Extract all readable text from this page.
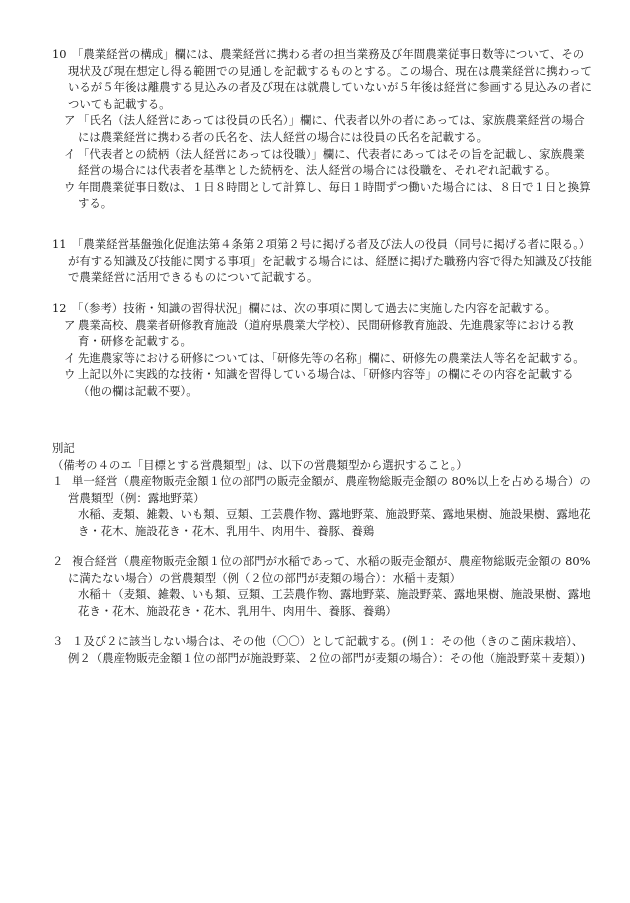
10 「農業経営の構成」欄には、農業経営に携わる者の担当業務及び年間農業従事日数等について、その現状及び現在想定し得る範囲での見通しを記載するものとする。この場合、現在は農業経営に携わっているが５年後は離農する見込みの者及び現在は就農していないが５年後は経営に参画する見込みの者についても記載する。

ア 「氏名（法人経営にあっては役員の氏名）」欄に、代表者以外の者にあっては、家族農業経営の場合には農業経営に携わる者の氏名を、法人経営の場合には役員の氏名を記載する。

イ 「代表者との続柄（法人経営にあっては役職）」欄に、代表者にあってはその旨を記載し、家族農業経営の場合には代表者を基準とした続柄を、法人経営の場合には役職を、それぞれ記載する。

ウ 年間農業従事日数は、１日８時間として計算し、毎日１時間ずつ働いた場合には、８日で１日と換算する。

11 「農業経営基盤強化促進法第４条第２項第２号に掲げる者及び法人の役員（同号に掲げる者に限る。）が有する知識及び技能に関する事項」を記載する場合には、経歴に掲げた職務内容で得た知識及び技能で農業経営に活用できるものについて記載する。

12 「（参考）技術・知識の習得状況」欄には、次の事項に関して過去に実施した内容を記載する。

ア 農業高校、農業者研修教育施設（道府県農業大学校）、民間研修教育施設、先進農家等における教育・研修を記載する。

イ 先進農家等における研修については、「研修先等の名称」欄に、研修先の農業法人等名を記載する。

ウ 上記以外に実践的な技術・知識を習得している場合は、「研修内容等」の欄にその内容を記載する（他の欄は記載不要）。

別記

（備考の４のエ「目標とする営農類型」は、以下の営農類型から選択すること。）

１ 単一経営（農産物販売金額１位の部門の販売金額が、農産物総販売金額の 80%以上を占める場合）の営農類型（例：露地野菜）

水稲、麦類、雑穀、いも類、豆類、工芸農作物、露地野菜、施設野菜、露地果樹、施設果樹、露地花き・花木、施設花き・花木、乳用牛、肉用牛、養豚、養鶏

２ 複合経営（農産物販売金額１位の部門が水稲であって、水稲の販売金額が、農産物総販売金額の 80%に満たない場合）の営農類型（例（２位の部門が麦類の場合）：水稲＋麦類）

水稲＋（麦類、雑穀、いも類、豆類、工芸農作物、露地野菜、施設野菜、露地果樹、施設果樹、露地花き・花木、施設花き・花木、乳用牛、肉用牛、養豚、養鶏）

３ １及び２に該当しない場合は、その他（〇〇）として記載する。(例１：その他（きのこ菌床栽培）、例２（農産物販売金額１位の部門が施設野菜、２位の部門が麦類の場合）：その他（施設野菜＋麦類）)
